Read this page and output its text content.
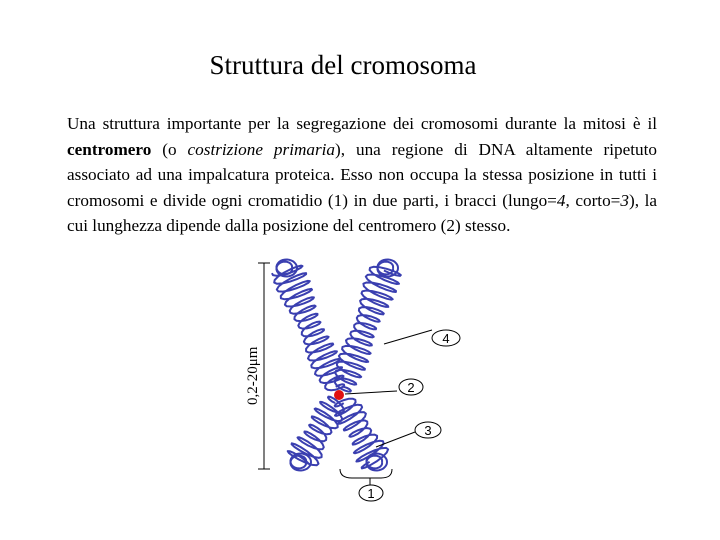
Struttura del cromosoma

Una struttura importante per la segregazione dei cromosomi durante la mitosi è il centromero (o costrizione primaria), una regione di DNA altamente ripetuto associato ad una impalcatura proteica. Esso non occupa la stessa posizione in tutti i cromosomi e divide ogni cromatidio (1) in due parti, i bracci (lungo=4, corto=3), la cui lunghezza dipende dalla posizione del centromero (2) stesso.

0,2-20μm
4
2
3
1
